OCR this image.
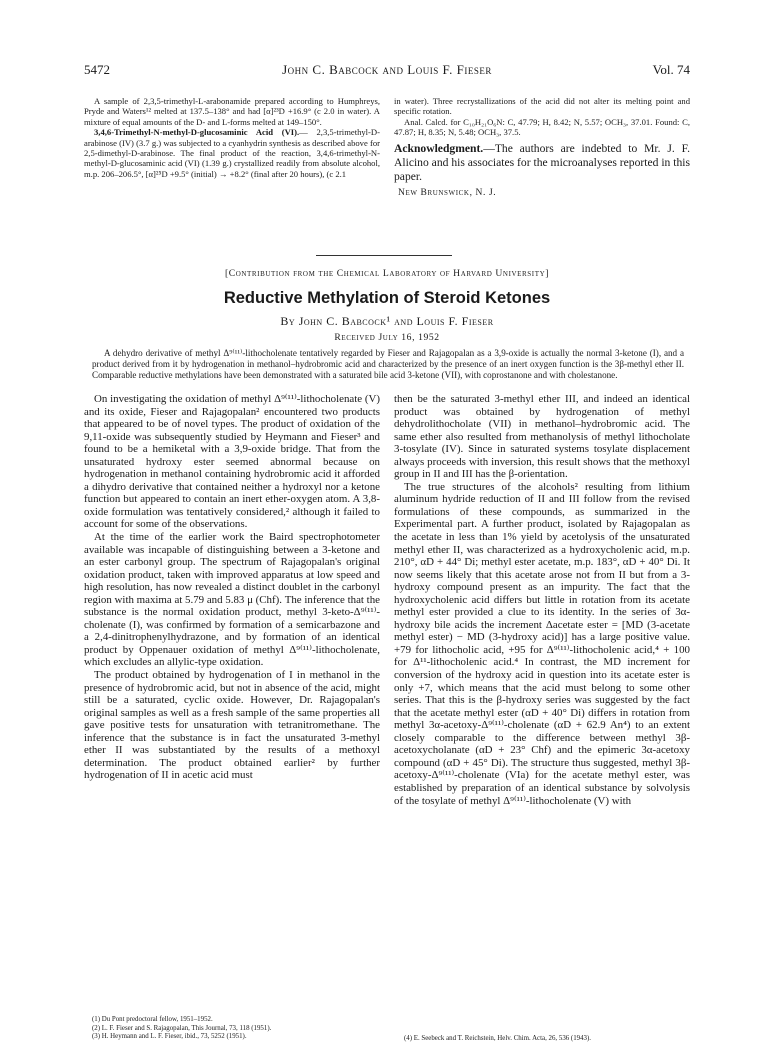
5472	John C. Babcock and Louis F. Fieser	Vol. 74

A sample of 2,3,5-trimethyl-L-arabonamide prepared according to Humphreys, Pryde and Waters¹² melted at 137.5–138° and had [α]²³D +16.9° (c 2.0 in water). A mixture of equal amounts of the D- and L-forms melted at 149–150°.

3,4,6-Trimethyl-N-methyl-D-glucosaminic Acid (VI).— 2,3,5-trimethyl-D-arabinose (IV) (3.7 g.) was subjected to a cyanhydrin synthesis as described above for 2,5-dimethyl-D-arabinose. The final product of the reaction, 3,4,6-trimethyl-N-methyl-D-glucosaminic acid (VI) (1.39 g.) crystallized readily from absolute alcohol, m.p. 206–206.5°, [α]²⁵D +9.5° (initial) → +8.2° (final after 20 hours), (c 2.1

in water). Three recrystallizations of the acid did not alter its melting point and specific rotation.

Anal. Calcd. for C₁₀H₂₁O₆N: C, 47.79; H, 8.42; N, 5.57; OCH₃, 37.01. Found: C, 47.87; H, 8.35; N, 5.48; OCH₃, 37.5.

Acknowledgment.—The authors are indebted to Mr. J. F. Alicino and his associates for the microanalyses reported in this paper.
New Brunswick, N. J.
[Contribution from the Chemical Laboratory of Harvard University]
Reductive Methylation of Steroid Ketones
By John C. Babcock¹ and Louis F. Fieser
Received July 16, 1952
A dehydro derivative of methyl Δ⁹⁽¹¹⁾-lithocholenate tentatively regarded by Fieser and Rajagopalan as a 3,9-oxide is actually the normal 3-ketone (I), and a product derived from it by hydrogenation in methanol–hydrobromic acid and characterized by the presence of an inert oxygen function is the 3β-methyl ether II. Comparable reductive methylations have been demonstrated with a saturated bile acid 3-ketone (VII), with coprostanone and with cholestanone.

On investigating the oxidation of methyl Δ⁹⁽¹¹⁾-lithocholenate (V) and its oxide, Fieser and Rajagopalan² encountered two products that appeared to be of novel types. The product of oxidation of the 9,11-oxide was subsequently studied by Heymann and Fieser³ and found to be a hemiketal with a 3,9-oxide bridge. That from the unsaturated hydroxy ester seemed abnormal because on hydrogenation in methanol containing hydrobromic acid it afforded a dihydro derivative that contained neither a hydroxyl nor a ketone function but appeared to contain an inert ether-oxygen atom. A 3,8-oxide formulation was tentatively considered,² although it failed to account for some of the observations.

At the time of the earlier work the Baird spectrophotometer available was incapable of distinguishing between a 3-ketone and an ester carbonyl group. The spectrum of Rajagopalan's original oxidation product, taken with improved apparatus at low speed and high resolution, has now revealed a distinct doublet in the carbonyl region with maxima at 5.79 and 5.83 μ (Chf). The inference that the substance is the normal oxidation product, methyl 3-keto-Δ⁹⁽¹¹⁾-cholenate (I), was confirmed by formation of a semicarbazone and a 2,4-dinitrophenylhydrazone, and by formation of an identical product by Oppenauer oxidation of methyl Δ⁹⁽¹¹⁾-lithocholenate, which excludes an allylic-type oxidation.

The product obtained by hydrogenation of I in methanol in the presence of hydrobromic acid, but not in absence of the acid, might still be a saturated, cyclic oxide. However, Dr. Rajagopalan's original samples as well as a fresh sample of the same properties all gave positive tests for unsaturation with tetranitromethane. The inference that the substance is in fact the unsaturated 3-methyl ether II was substantiated by the results of a methoxyl determination. The product obtained earlier² by further hydrogenation of II in acetic acid must

then be the saturated 3-methyl ether III, and indeed an identical product was obtained by hydrogenation of methyl dehydrolithocholate (VII) in methanol–hydrobromic acid. The same ether also resulted from methanolysis of methyl lithocholate 3-tosylate (IV). Since in saturated systems tosylate displacement always proceeds with inversion, this result shows that the methoxyl group in II and III has the β-orientation.

The true structures of the alcohols² resulting from lithium aluminum hydride reduction of II and III follow from the revised formulations of these compounds, as summarized in the Experimental part. A further product, isolated by Rajagopalan as the acetate in less than 1% yield by acetolysis of the unsaturated methyl ether II, was characterized as a hydroxycholenic acid, m.p. 210°, αD + 44° Di; methyl ester acetate, m.p. 183°, αD + 40° Di. It now seems likely that this acetate arose not from II but from a 3-hydroxy compound present as an impurity. The fact that the hydroxycholenic acid differs but little in rotation from its acetate methyl ester provided a clue to its identity. In the series of 3α-hydroxy bile acids the increment Δacetate ester = [MD (3-acetate methyl ester) − MD (3-hydroxy acid)] has a large positive value. +79 for lithocholic acid, +95 for Δ⁹⁽¹¹⁾-lithocholenic acid,⁴ + 100 for Δ¹¹-lithocholenic acid.⁴ In contrast, the MD increment for conversion of the hydroxy acid in question into its acetate ester is only +7, which means that the acid must belong to some other series. That this is the β-hydroxy series was suggested by the fact that the acetate methyl ester (αD + 40° Di) differs in rotation from methyl 3α-acetoxy-Δ⁹⁽¹¹⁾-cholenate (αD + 62.9 An⁴) to an extent closely comparable to the difference between methyl 3β-acetoxycholanate (αD + 23° Chf) and the epimeric 3α-acetoxy compound (αD + 45° Di). The structure thus suggested, methyl 3β-acetoxy-Δ⁹⁽¹¹⁾-cholenate (VIa) for the acetate methyl ester, was established by preparation of an identical substance by solvolysis of the tosylate of methyl Δ⁹⁽¹¹⁾-lithocholenate (V) with

(1) Du Pont predoctoral fellow, 1951–1952.
(2) L. F. Fieser and S. Rajagopalan, This Journal, 73, 118 (1951).
(3) H. Heymann and L. F. Fieser, ibid., 73, 5252 (1951).	(4) E. Seebeck and T. Reichstein, Helv. Chim. Acta, 26, 536 (1943).
